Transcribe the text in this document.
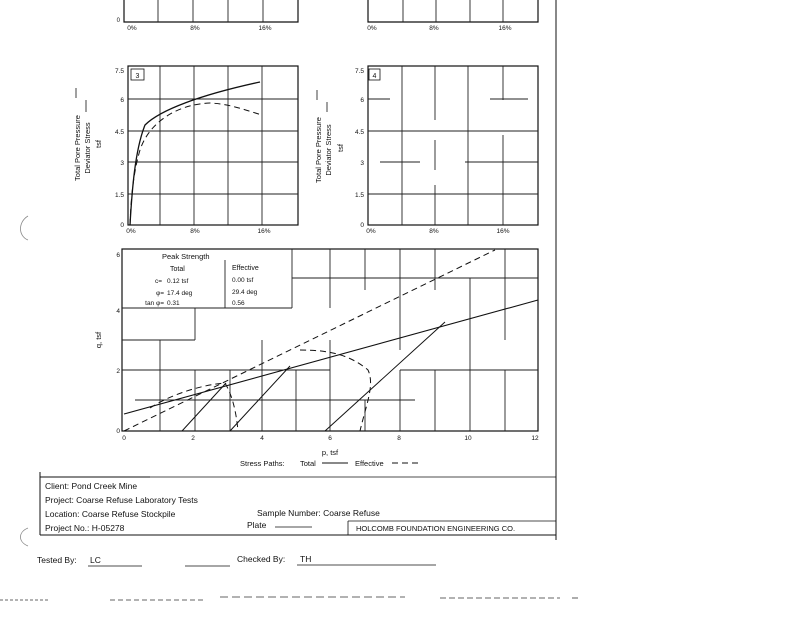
0
0%	8%	16%	0%	8%	16%
3
7.5
6
4.5
3
1.5
0
0%	8%	16%
Total Pore Pressure Deviator Stress tsf
4
7.5
6
4.5
3
1.5
0
0%	8%	16%
Total Pore Pressure Deviator Stress tsf
Peak Strength
Total	Effective
c= 0.12 tsf	0.00 tsf
φ= 17.4 deg	29.4 deg
tan φ= 0.31	0.56
6
4
2
0
q, tsf
0	2	4	6	8	10	12
p, tsf
Stress Paths: Total	Effective
Client: Pond Creek Mine
Project: Coarse Refuse Laboratory Tests
Location: Coarse Refuse Stockpile	Sample Number: Coarse Refuse
Project No.: H-05278	Plate	HOLCOMB FOUNDATION ENGINEERING CO.
Tested By: LC	Checked By: TH
